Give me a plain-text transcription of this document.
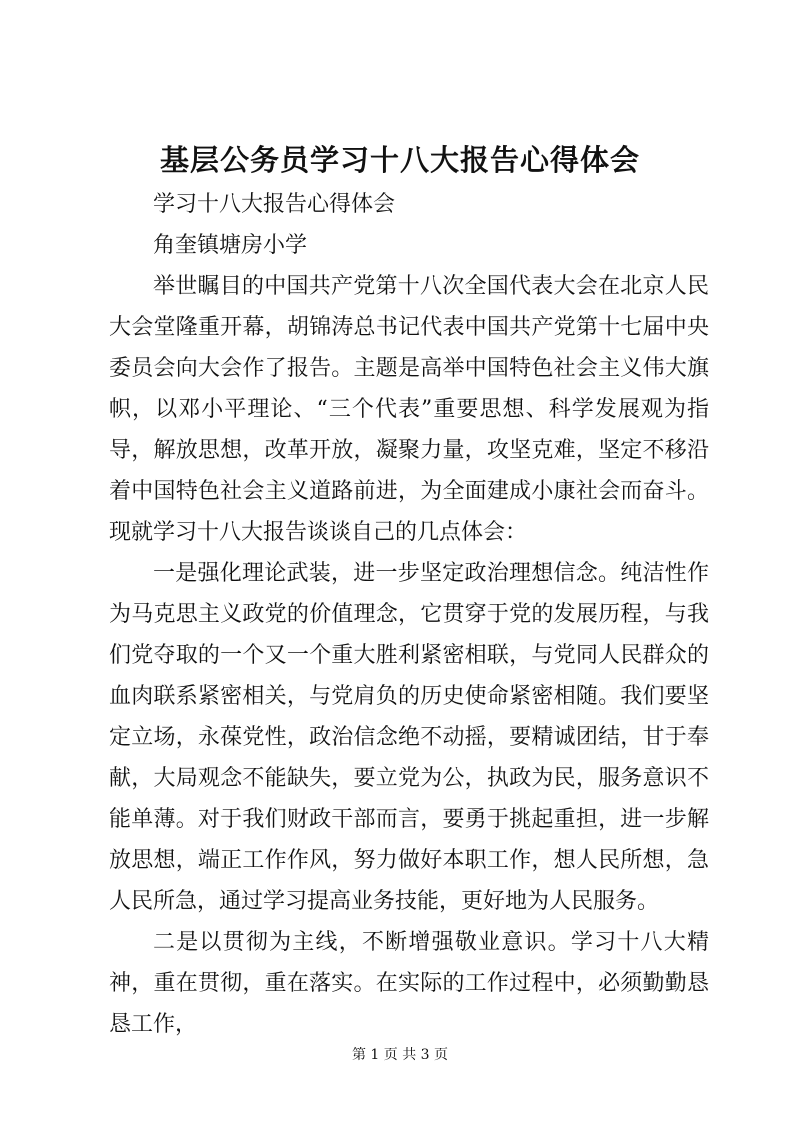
基层公务员学习十八大报告心得体会

学习十八大报告心得体会

角奎镇塘房小学

举世瞩目的中国共产党第十八次全国代表大会在北京人民大会堂隆重开幕，胡锦涛总书记代表中国共产党第十七届中央委员会向大会作了报告。主题是高举中国特色社会主义伟大旗帜，以邓小平理论、“三个代表”重要思想、科学发展观为指导，解放思想，改革开放，凝聚力量，攻坚克难，坚定不移沿着中国特色社会主义道路前进，为全面建成小康社会而奋斗。现就学习十八大报告谈谈自己的几点体会：

一是强化理论武装，进一步坚定政治理想信念。纯洁性作为马克思主义政党的价值理念，它贯穿于党的发展历程，与我们党夺取的一个又一个重大胜利紧密相联，与党同人民群众的血肉联系紧密相关，与党肩负的历史使命紧密相随。我们要坚定立场，永葆党性，政治信念绝不动摇，要精诚团结，甘于奉献，大局观念不能缺失，要立党为公，执政为民，服务意识不能单薄。对于我们财政干部而言，要勇于挑起重担，进一步解放思想，端正工作作风，努力做好本职工作，想人民所想，急人民所急，通过学习提高业务技能，更好地为人民服务。

二是以贯彻为主线，不断增强敬业意识。学习十八大精神，重在贯彻，重在落实。在实际的工作过程中，必须勤勤恳恳工作，

第 1 页 共 3 页
